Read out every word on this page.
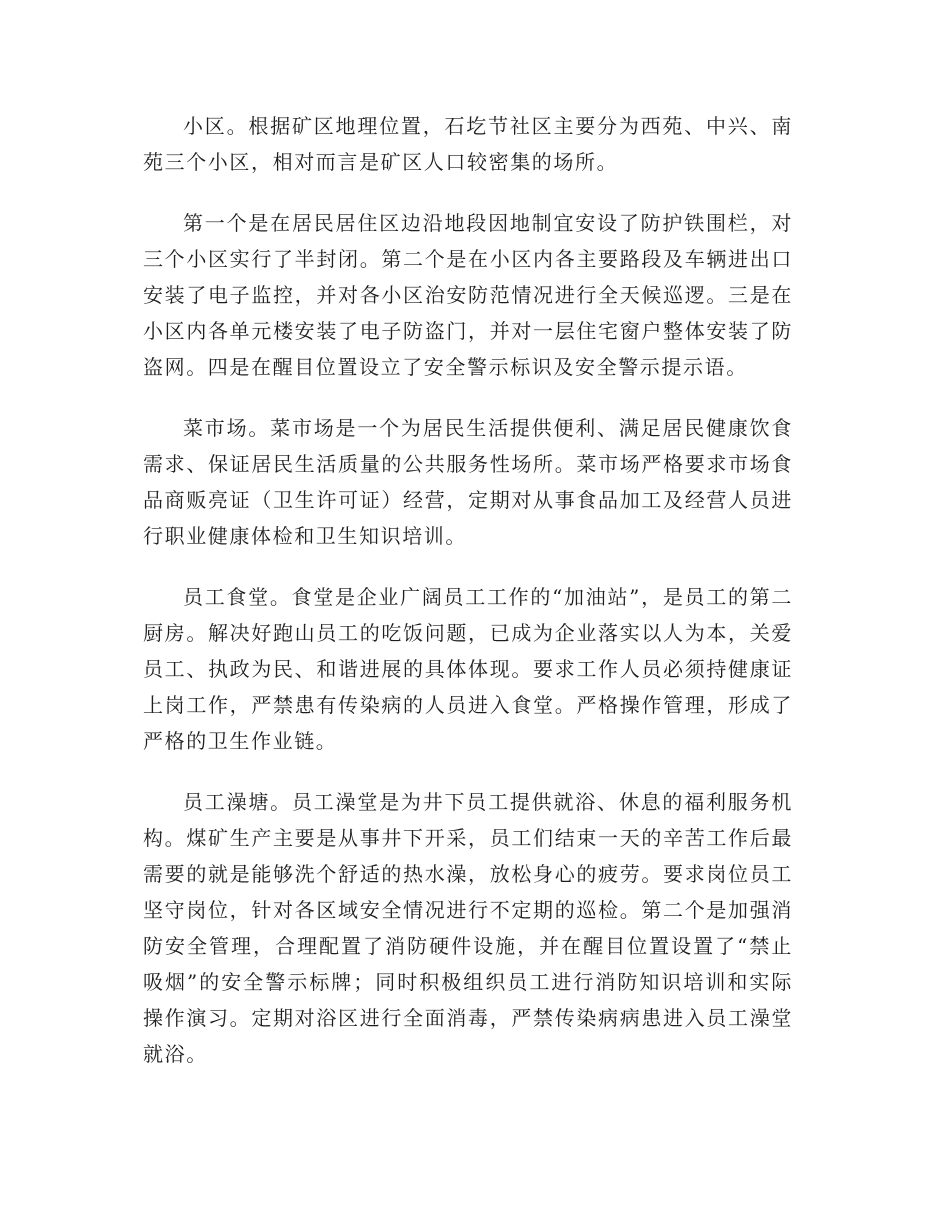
小区。根据矿区地理位置，石圪节社区主要分为西苑、中兴、南苑三个小区，相对而言是矿区人口较密集的场所。

第一个是在居民居住区边沿地段因地制宜安设了防护铁围栏，对三个小区实行了半封闭。第二个是在小区内各主要路段及车辆进出口安装了电子监控，并对各小区治安防范情况进行全天候巡逻。三是在小区内各单元楼安装了电子防盗门，并对一层住宅窗户整体安装了防盗网。四是在醒目位置设立了安全警示标识及安全警示提示语。

菜市场。菜市场是一个为居民生活提供便利、满足居民健康饮食需求、保证居民生活质量的公共服务性场所。菜市场严格要求市场食品商贩亮证（卫生许可证）经营，定期对从事食品加工及经营人员进行职业健康体检和卫生知识培训。

员工食堂。食堂是企业广阔员工工作的“加油站”，是员工的第二厨房。解决好跑山员工的吃饭问题，已成为企业落实以人为本，关爱员工、执政为民、和谐进展的具体体现。要求工作人员必须持健康证上岗工作，严禁患有传染病的人员进入食堂。严格操作管理，形成了严格的卫生作业链。

员工澡塘。员工澡堂是为井下员工提供就浴、休息的福利服务机构。煤矿生产主要是从事井下开采，员工们结束一天的辛苦工作后最需要的就是能够洗个舒适的热水澡，放松身心的疲劳。要求岗位员工坚守岗位，针对各区域安全情况进行不定期的巡检。第二个是加强消防安全管理，合理配置了消防硬件设施，并在醒目位置设置了“禁止吸烟”的安全警示标牌；同时积极组织员工进行消防知识培训和实际操作演习。定期对浴区进行全面消毒，严禁传染病病患进入员工澡堂就浴。
